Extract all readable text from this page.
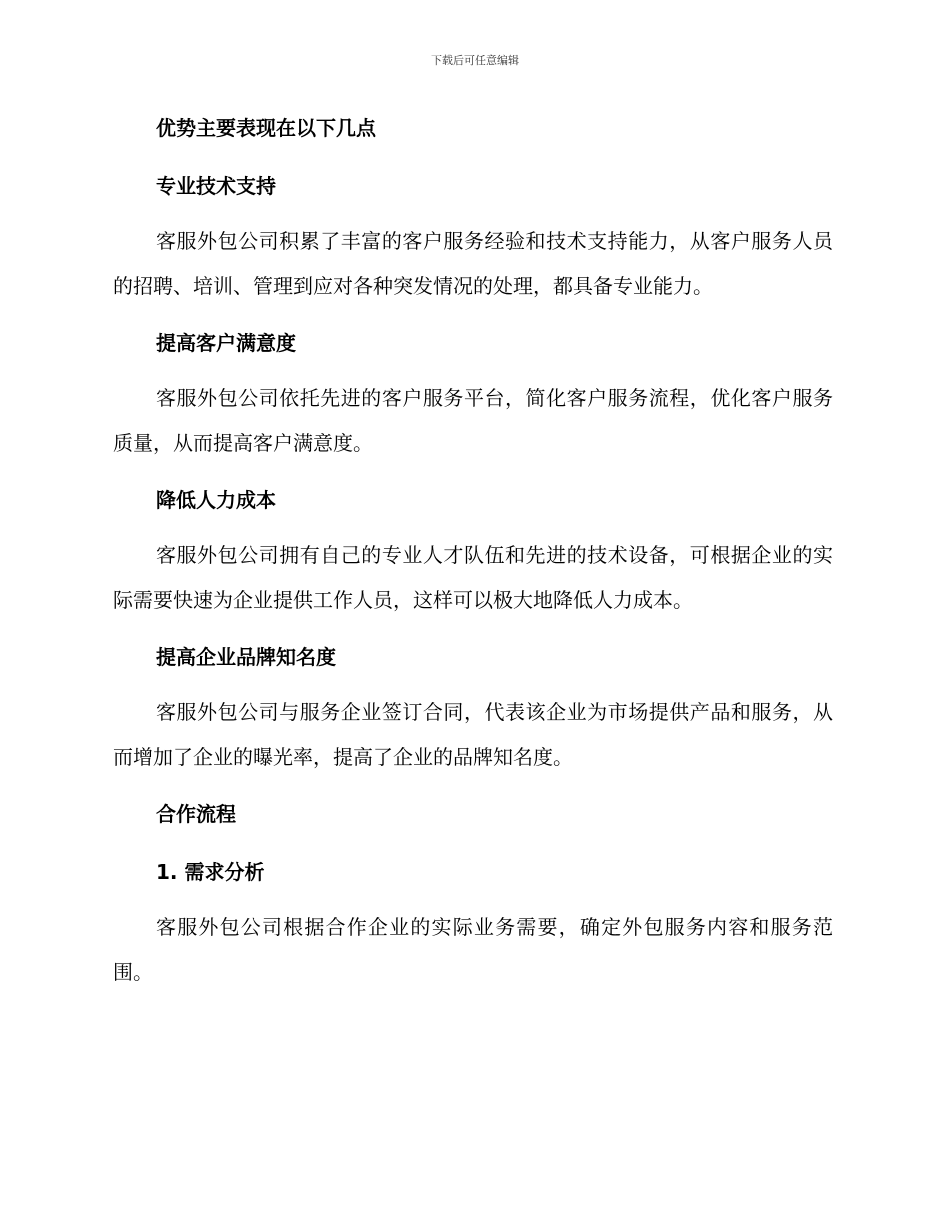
下载后可任意编辑
优势主要表现在以下几点
专业技术支持

客服外包公司积累了丰富的客户服务经验和技术支持能力，从客户服务人员的招聘、培训、管理到应对各种突发情况的处理，都具备专业能力。

提高客户满意度

客服外包公司依托先进的客户服务平台，简化客户服务流程，优化客户服务质量，从而提高客户满意度。

降低人力成本

客服外包公司拥有自己的专业人才队伍和先进的技术设备，可根据企业的实际需要快速为企业提供工作人员，这样可以极大地降低人力成本。

提高企业品牌知名度

客服外包公司与服务企业签订合同，代表该企业为市场提供产品和服务，从而增加了企业的曝光率，提高了企业的品牌知名度。

合作流程
1. 需求分析

客服外包公司根据合作企业的实际业务需要，确定外包服务内容和服务范围。
